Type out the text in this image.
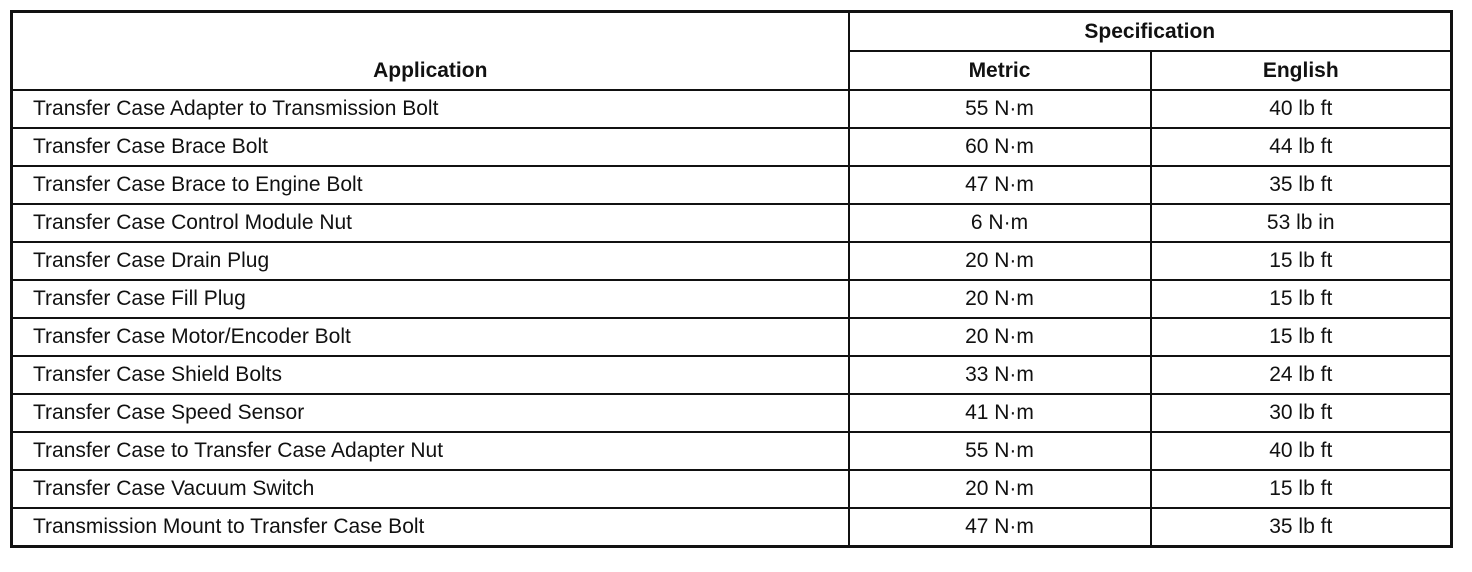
Application	Specification	
	Metric	English
Transfer Case Adapter to Transmission Bolt	55 N·m	40 lb ft
Transfer Case Brace Bolt	60 N·m	44 lb ft
Transfer Case Brace to Engine Bolt	47 N·m	35 lb ft
Transfer Case Control Module Nut	6 N·m	53 lb in
Transfer Case Drain Plug	20 N·m	15 lb ft
Transfer Case Fill Plug	20 N·m	15 lb ft
Transfer Case Motor/Encoder Bolt	20 N·m	15 lb ft
Transfer Case Shield Bolts	33 N·m	24 lb ft
Transfer Case Speed Sensor	41 N·m	30 lb ft
Transfer Case to Transfer Case Adapter Nut	55 N·m	40 lb ft
Transfer Case Vacuum Switch	20 N·m	15 lb ft
Transmission Mount to Transfer Case Bolt	47 N·m	35 lb ft
